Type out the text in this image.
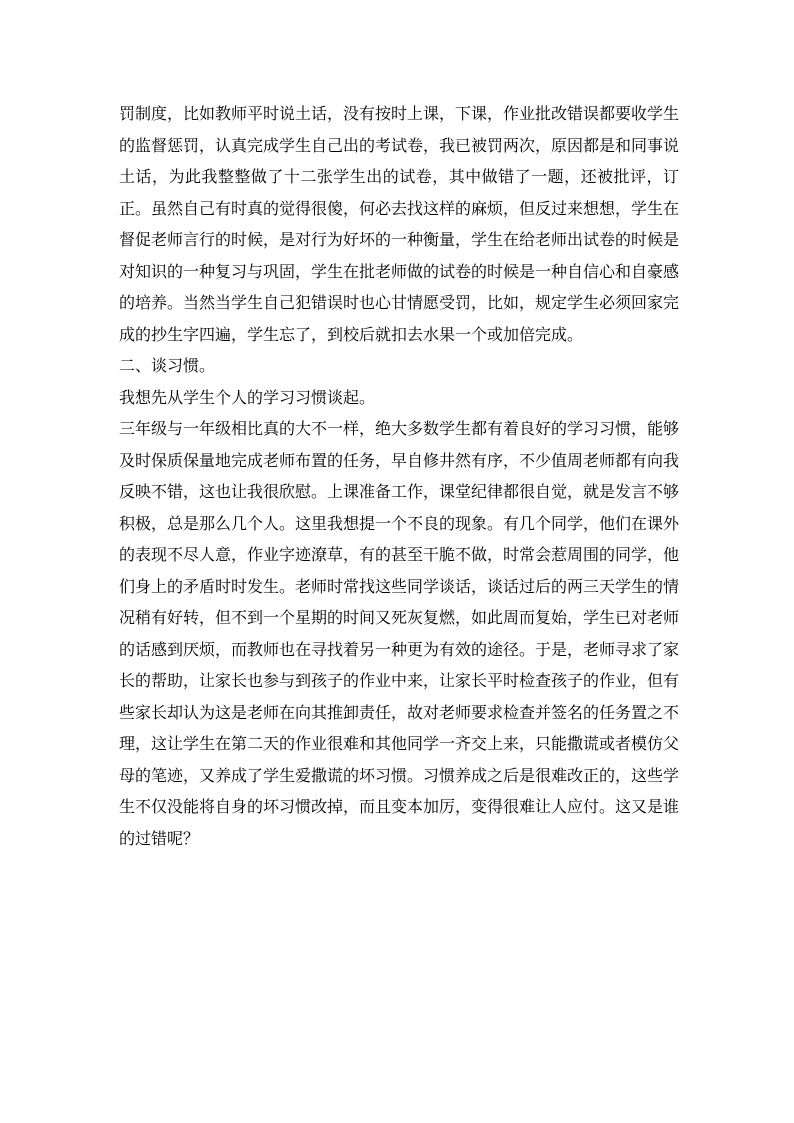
罚制度，比如教师平时说土话，没有按时上课，下课，作业批改错误都要收学生的监督惩罚，认真完成学生自己出的考试卷，我已被罚两次，原因都是和同事说土话，为此我整整做了十二张学生出的试卷，其中做错了一题，还被批评，订正。虽然自己有时真的觉得很傻，何必去找这样的麻烦，但反过来想想，学生在督促老师言行的时候，是对行为好坏的一种衡量，学生在给老师出试卷的时候是对知识的一种复习与巩固，学生在批老师做的试卷的时候是一种自信心和自豪感的培养。当然当学生自己犯错误时也心甘情愿受罚，比如，规定学生必须回家完成的抄生字四遍，学生忘了，到校后就扣去水果一个或加倍完成。

二、谈习惯。

我想先从学生个人的学习习惯谈起。

三年级与一年级相比真的大不一样，绝大多数学生都有着良好的学习习惯，能够及时保质保量地完成老师布置的任务，早自修井然有序，不少值周老师都有向我反映不错，这也让我很欣慰。上课准备工作，课堂纪律都很自觉，就是发言不够积极，总是那么几个人。这里我想提一个不良的现象。有几个同学，他们在课外的表现不尽人意，作业字迹潦草，有的甚至干脆不做，时常会惹周围的同学，他们身上的矛盾时时发生。老师时常找这些同学谈话，谈话过后的两三天学生的情况稍有好转，但不到一个星期的时间又死灰复燃，如此周而复始，学生已对老师的话感到厌烦，而教师也在寻找着另一种更为有效的途径。于是，老师寻求了家长的帮助，让家长也参与到孩子的作业中来，让家长平时检查孩子的作业，但有些家长却认为这是老师在向其推卸责任，故对老师要求检查并签名的任务置之不理，这让学生在第二天的作业很难和其他同学一齐交上来，只能撒谎或者模仿父母的笔迹，又养成了学生爱撒谎的坏习惯。习惯养成之后是很难改正的，这些学生不仅没能将自身的坏习惯改掉，而且变本加厉，变得很难让人应付。这又是谁的过错呢？
